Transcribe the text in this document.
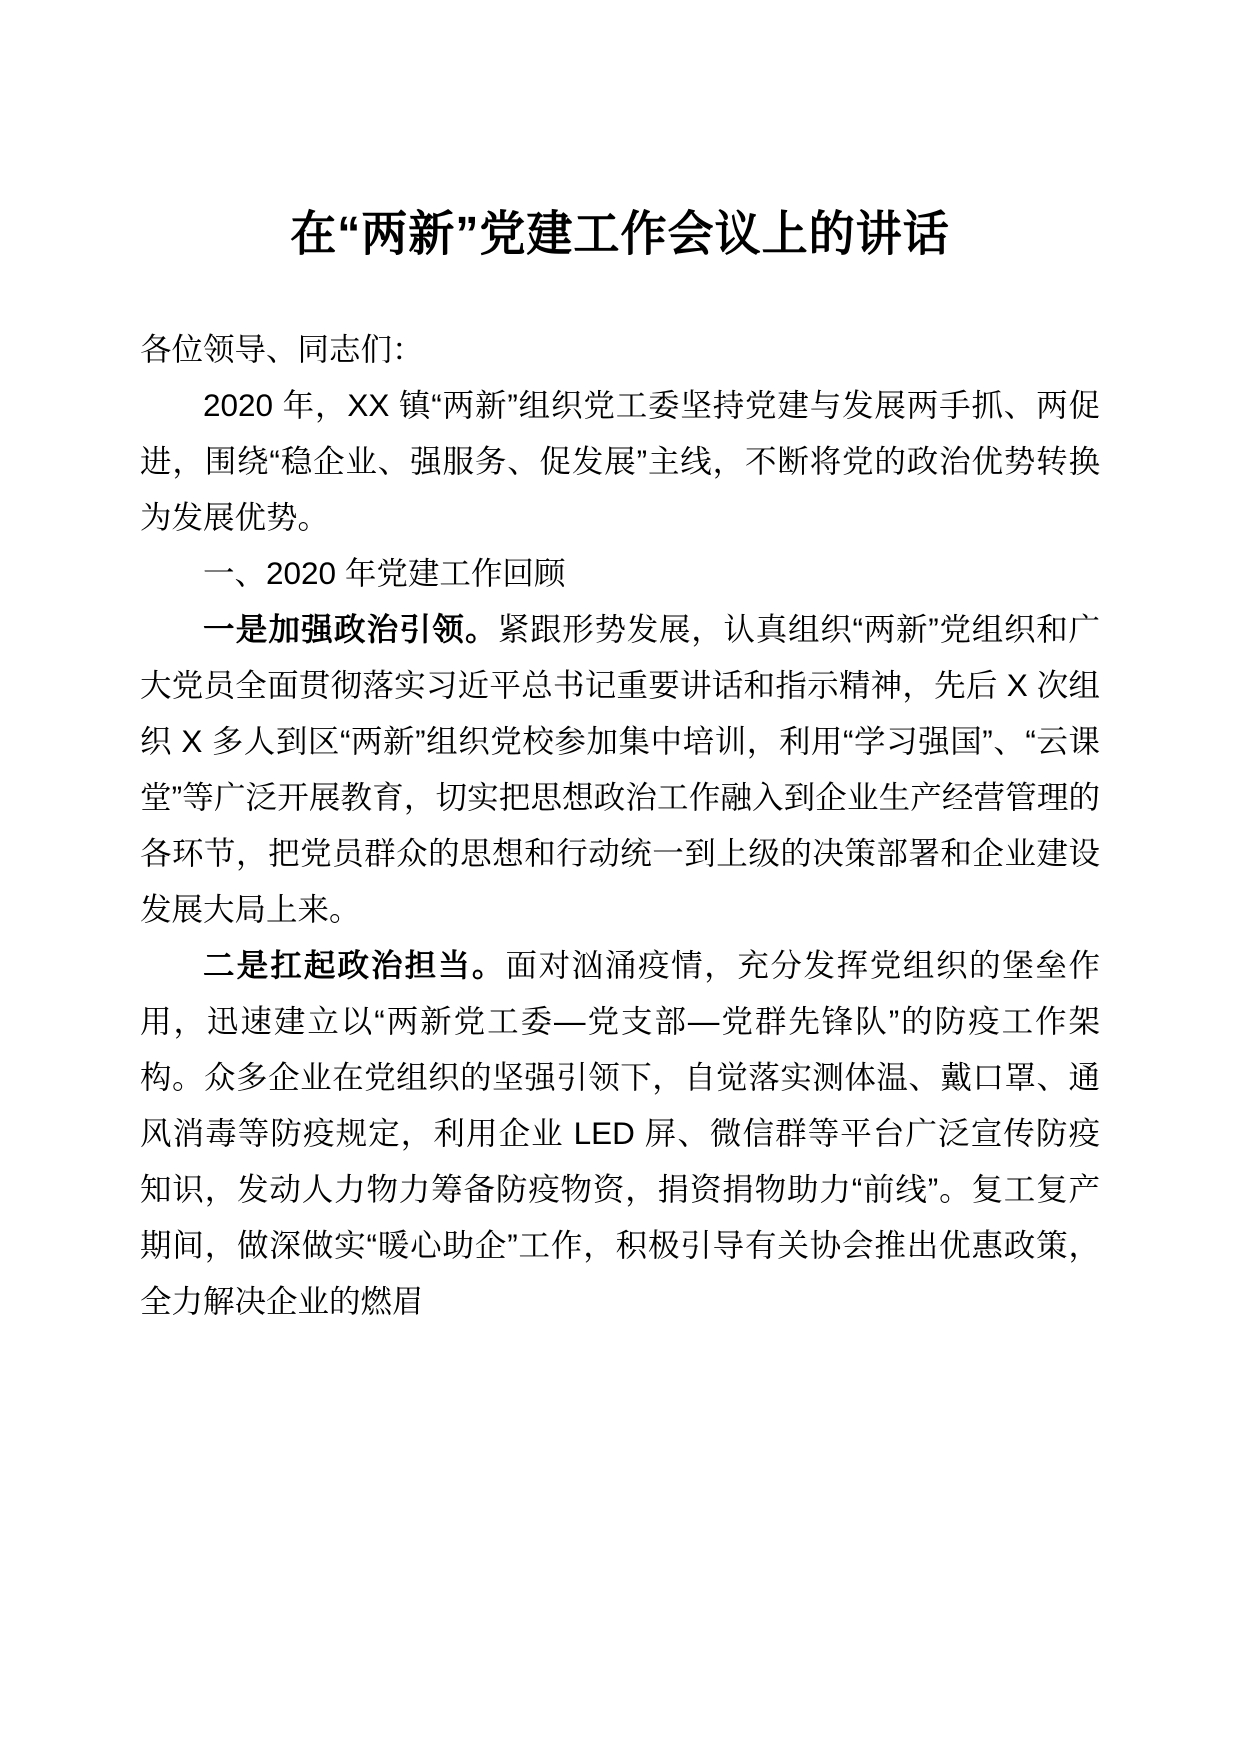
在“两新”党建工作会议上的讲话

各位领导、同志们：

2020 年，XX 镇“两新”组织党工委坚持党建与发展两手抓、两促进，围绕“稳企业、强服务、促发展”主线，不断将党的政治优势转换为发展优势。

一、2020 年党建工作回顾

一是加强政治引领。紧跟形势发展，认真组织“两新”党组织和广大党员全面贯彻落实习近平总书记重要讲话和指示精神，先后 X 次组织 X 多人到区“两新”组织党校参加集中培训，利用“学习强国”、“云课堂”等广泛开展教育，切实把思想政治工作融入到企业生产经营管理的各环节，把党员群众的思想和行动统一到上级的决策部署和企业建设发展大局上来。

二是扛起政治担当。面对汹涌疫情，充分发挥党组织的堡垒作用，迅速建立以“两新党工委—党支部—党群先锋队”的防疫工作架构。众多企业在党组织的坚强引领下，自觉落实测体温、戴口罩、通风消毒等防疫规定，利用企业 LED 屏、微信群等平台广泛宣传防疫知识，发动人力物力筹备防疫物资，捐资捐物助力“前线”。复工复产期间，做深做实“暖心助企”工作，积极引导有关协会推出优惠政策，全力解决企业的燃眉
